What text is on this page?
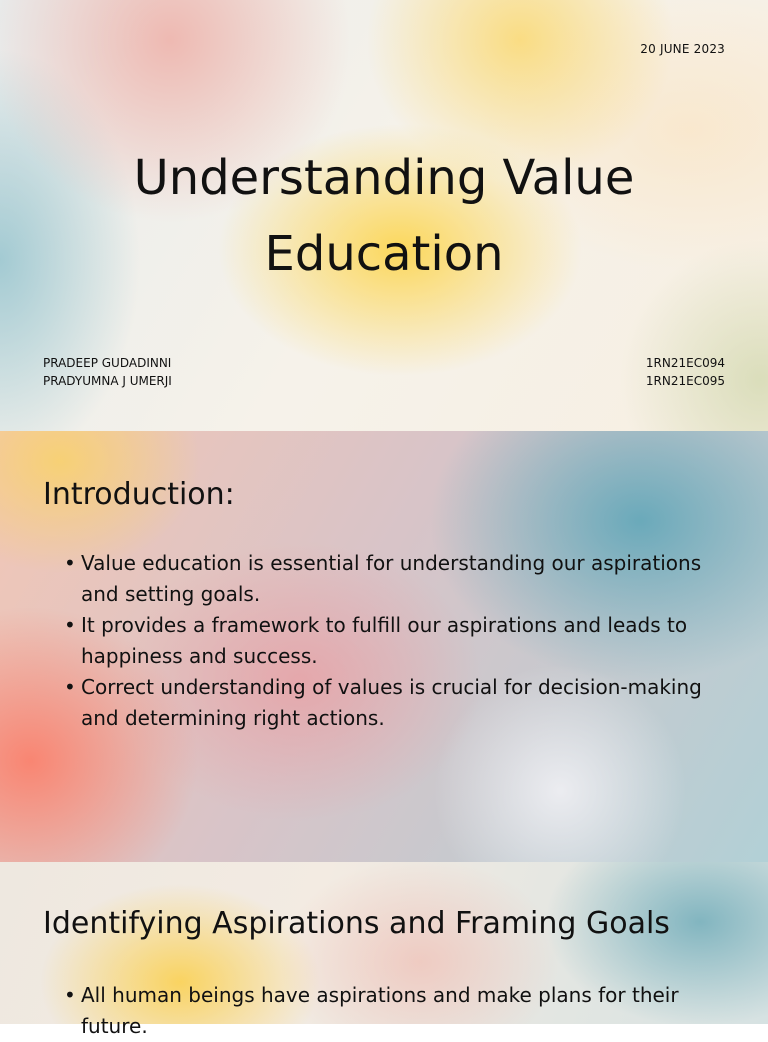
20 JUNE 2023
Understanding Value
Education
PRADEEP GUDADINNI
PRADYUMNA J UMERJI
1RN21EC094
1RN21EC095
Introduction:
• Value education is essential for understanding our aspirations and setting goals.
• It provides a framework to fulfill our aspirations and leads to happiness and success.
• Correct understanding of values is crucial for decision-making and determining right actions.
Identifying Aspirations and Framing Goals
• All human beings have aspirations and make plans for their future.
